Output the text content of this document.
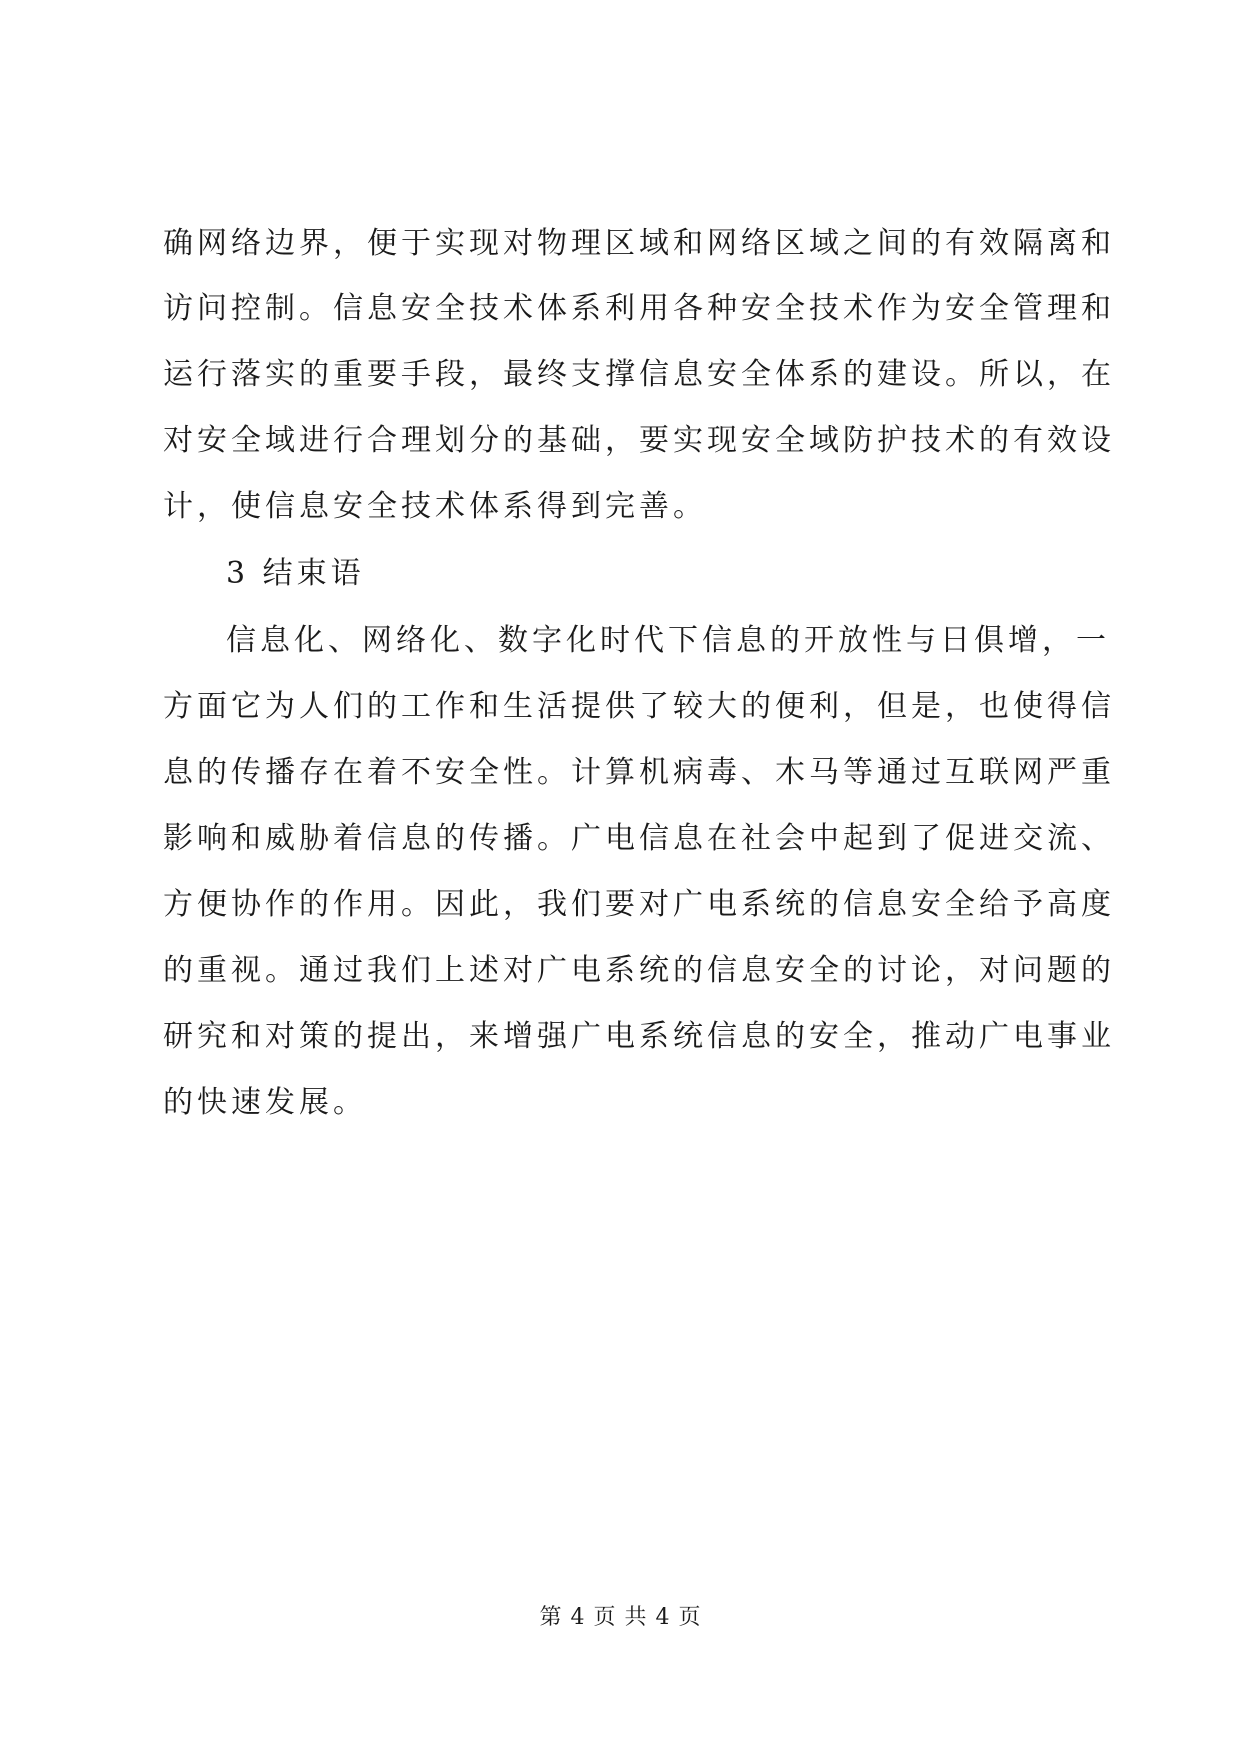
确网络边界，便于实现对物理区域和网络区域之间的有效隔离和
访问控制。信息安全技术体系利用各种安全技术作为安全管理和
运行落实的重要手段，最终支撑信息安全体系的建设。所以，在
对安全域进行合理划分的基础，要实现安全域防护技术的有效设
计，使信息安全技术体系得到完善。
3 结束语
信息化、网络化、数字化时代下信息的开放性与日俱增，一
方面它为人们的工作和生活提供了较大的便利，但是，也使得信
息的传播存在着不安全性。计算机病毒、木马等通过互联网严重
影响和威胁着信息的传播。广电信息在社会中起到了促进交流、
方便协作的作用。因此，我们要对广电系统的信息安全给予高度
的重视。通过我们上述对广电系统的信息安全的讨论，对问题的
研究和对策的提出，来增强广电系统信息的安全，推动广电事业
的快速发展。
第 4 页 共 4 页
